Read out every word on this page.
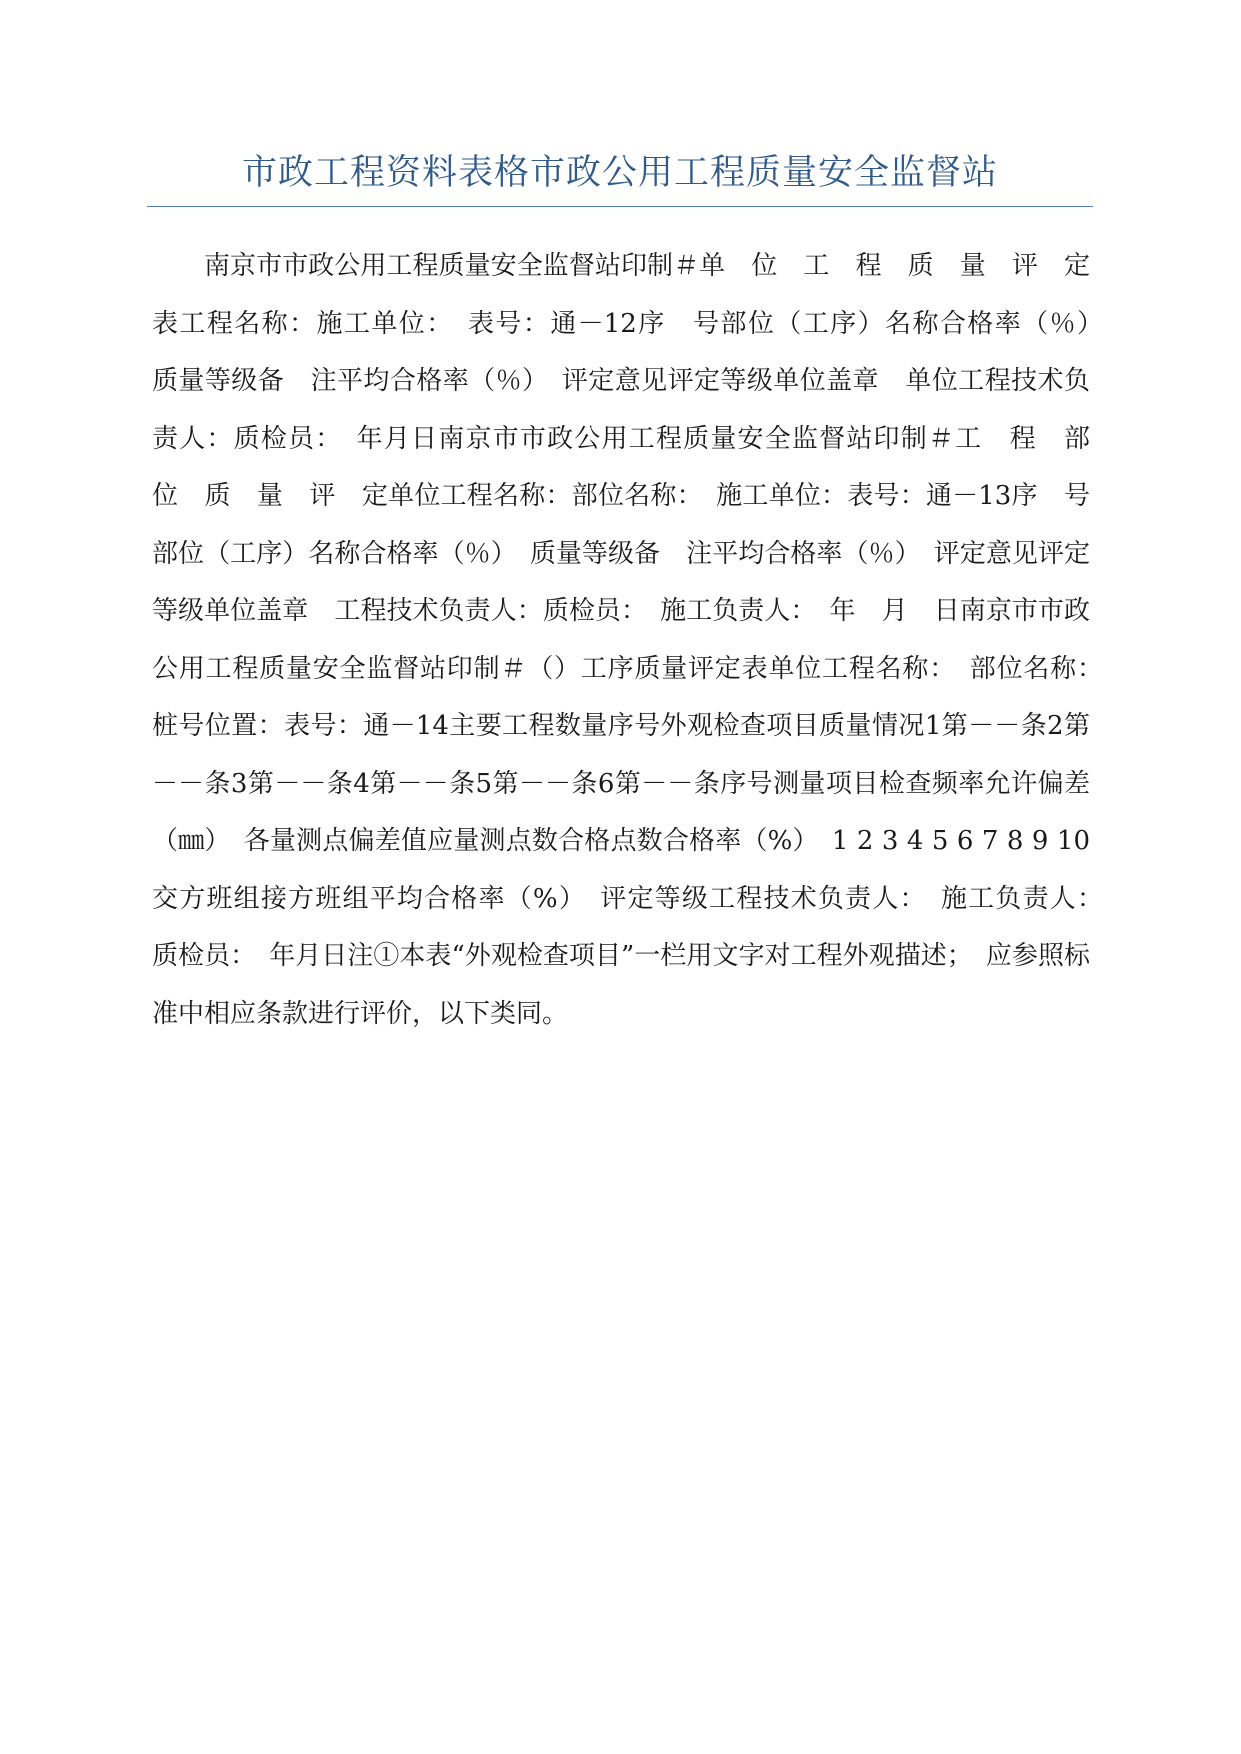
市政工程资料表格市政公用工程质量安全监督站

南京市市政公用工程质量安全监督站印制＃单　位　工　程　质　量　评　定　表工程名称：施工单位：　表号：通－12序　号部位（工序）名称合格率（％）　质量等级备　注平均合格率（％）　评定意见评定等级单位盖章　单位工程技术负责人：质检员：　年月日南京市市政公用工程质量安全监督站印制＃工　程　部　位　质　量　评　定单位工程名称：部位名称：　施工单位：表号：通－13序　号部位（工序）名称合格率（％）　质量等级备　注平均合格率（％）　评定意见评定等级单位盖章　工程技术负责人：质检员：　施工负责人：　年　月　日南京市市政公用工程质量安全监督站印制＃（）工序质量评定表单位工程名称：　部位名称：　桩号位置：表号：通－14主要工程数量序号外观检查项目质量情况1第－－条2第－－条3第－－条4第－－条5第－－条6第－－条序号测量项目检查频率允许偏差（㎜）　各量测点偏差值应量测点数合格点数合格率（%）　1 2 3 4 5 6 7 8 9 10交方班组接方班组平均合格率（%）　评定等级工程技术负责人：　施工负责人：　质检员：　年月日注①本表“外观检查项目”一栏用文字对工程外观描述；　应参照标准中相应条款进行评价，以下类同。
